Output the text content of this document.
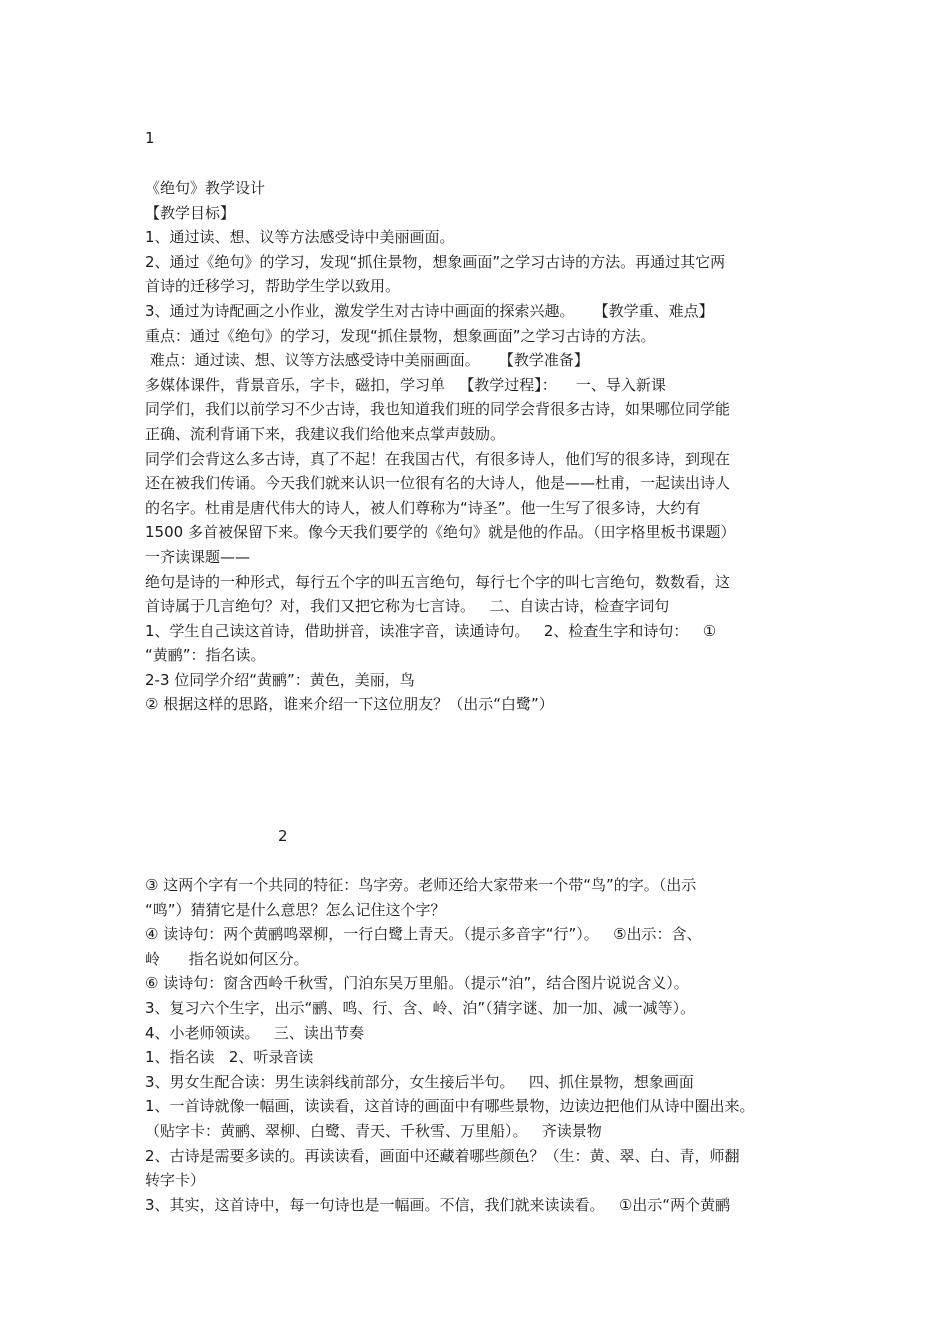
1

《绝句》教学设计

【教学目标】

1、通过读、想、议等方法感受诗中美丽画面。

2、通过《绝句》的学习，发现“抓住景物，想象画面”之学习古诗的方法。再通过其它两

首诗的迁移学习，帮助学生学以致用。

3、通过为诗配画之小作业，激发学生对古诗中画面的探索兴趣。    【教学重、难点】

重点：通过《绝句》的学习，发现“抓住景物，想象画面”之学习古诗的方法。

难点：通过读、想、议等方法感受诗中美丽画面。    【教学准备】

多媒体课件，背景音乐，字卡，磁扣，学习单   【教学过程】：    一、导入新课

同学们，我们以前学习不少古诗，我也知道我们班的同学会背很多古诗，如果哪位同学能

正确、流利背诵下来，我建议我们给他来点掌声鼓励。

同学们会背这么多古诗，真了不起！在我国古代，有很多诗人，他们写的很多诗，到现在

还在被我们传诵。今天我们就来认识一位很有名的大诗人，他是——杜甫，一起读出诗人

的名字。杜甫是唐代伟大的诗人，被人们尊称为“诗圣”。他一生写了很多诗，大约有

1500 多首被保留下来。像今天我们要学的《绝句》就是他的作品。（田字格里板书课题）

一齐读课题——

绝句是诗的一种形式，每行五个字的叫五言绝句，每行七个字的叫七言绝句，数数看，这

首诗属于几言绝句？对，我们又把它称为七言诗。   二、自读古诗，检查字词句

1、学生自己读这首诗，借助拼音，读准字音，读通诗句。   2、检查生字和诗句：   ①

“黄鹂”：指名读。

2-3 位同学介绍“黄鹂”：黄色，美丽，鸟

② 根据这样的思路，谁来介绍一下这位朋友？（出示“白鹭”）

2

③ 这两个字有一个共同的特征：鸟字旁。老师还给大家带来一个带“鸟”的字。（出示

“鸣”）猜猜它是什么意思？怎么记住这个字？

④ 读诗句：两个黄鹂鸣翠柳，一行白鹭上青天。（提示多音字“行”）。   ⑤出示：含、

岭      指名说如何区分。

⑥ 读诗句：窗含西岭千秋雪，门泊东吴万里船。（提示“泊”，结合图片说说含义）。

3、复习六个生字，出示“鹂、鸣、行、含、岭、泊”（猜字谜、加一加、减一减等）。

4、小老师领读。   三、读出节奏

1、指名读   2、听录音读

3、男女生配合读：男生读斜线前部分，女生接后半句。   四、抓住景物，想象画面

1、一首诗就像一幅画，读读看，这首诗的画面中有哪些景物，边读边把他们从诗中圈出来。

（贴字卡：黄鹂、翠柳、白鹭、青天、千秋雪、万里船）。   齐读景物

2、古诗是需要多读的。再读读看，画面中还藏着哪些颜色？（生：黄、翠、白、青，师翻

转字卡）

3、其实，这首诗中，每一句诗也是一幅画。不信，我们就来读读看。   ①出示“两个黄鹂
